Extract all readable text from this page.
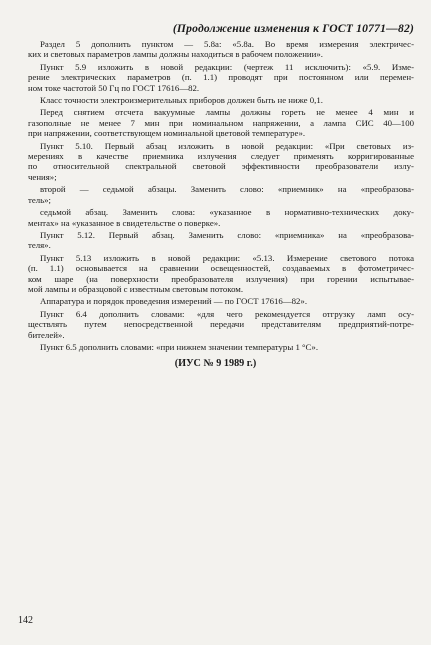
(Продолжение изменения к ГОСТ 10771—82)
Раздел 5 дополнить пунктом — 5.8а: «5.8а. Во время измерения электричес-
ких и световых параметров лампы должны находиться в рабочем положении».
Пункт 5.9 изложить в новой редакции: (чертеж 11 исключить): «5.9. Изме-
рение электрических параметров (п. 1.1) проводят при постоянном или перемен-
ном токе частотой 50 Гц по ГОСТ 17616—82.
Класс точности электроизмерительных приборов должен быть не ниже 0,1.
Перед снятием отсчета вакуумные лампы должны гореть не менее 4 мин и
газополные не менее 7 мин при номинальном напряжении, а лампа СИС 40—100
при напряжении, соответствующем номинальной цветовой температуре».
Пункт 5.10. Первый абзац изложить в новой редакции: «При световых из-
мерениях в качестве приемника излучения следует применять корригированные
по относительной спектральной световой эффективности преобразователи излу-
чения»;
второй — седьмой абзацы. Заменить слово: «приемник» на «преобразова-
тель»;
седьмой абзац. Заменить слова: «указанное в нормативно-технических доку-
ментах» на «указанное в свидетельстве о поверке».
Пункт 5.12. Первый абзац. Заменить слово: «приемника» на «преобразова-
теля».
Пункт 5.13 изложить в новой редакции: «5.13. Измерение светового потока
(п. 1.1) основывается на сравнении освещенностей, создаваемых в фотометричес-
ком шаре (на поверхности преобразователя излучения) при горении испытывае-
мой лампы и образцовой с известным световым потоком.
Аппаратура и порядок проведения измерений — по ГОСТ 17616—82».
Пункт 6.4 дополнить словами: «для чего рекомендуется отгрузку ламп осу-
ществлять путем непосредственной передачи представителям предприятий-потре-
бителей».
Пункт 6.5 дополнить словами: «при нижнем значении температуры 1 °С».
(ИУС № 9 1989 г.)
142
